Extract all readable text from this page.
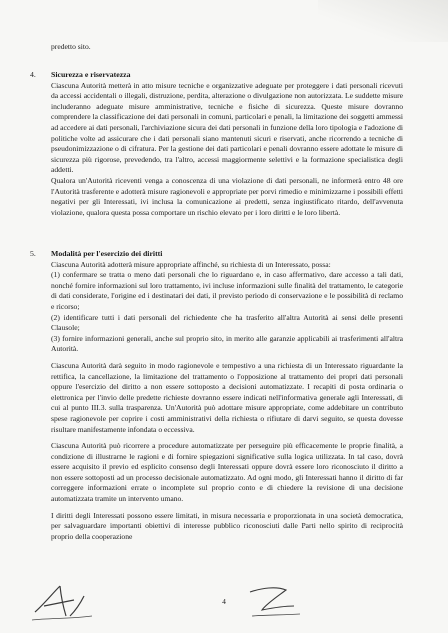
predetto sito.

4. Sicurezza e riservatezza

Ciascuna Autorità metterà in atto misure tecniche e organizzative adeguate per proteggere i dati personali ricevuti da accessi accidentali o illegali, distruzione, perdita, alterazione o divulgazione non autorizzata. Le suddette misure includeranno adeguate misure amministrative, tecniche e fisiche di sicurezza. Queste misure dovranno comprendere la classificazione dei dati personali in comuni, particolari e penali, la limitazione dei soggetti ammessi ad accedere ai dati personali, l'archiviazione sicura dei dati personali in funzione della loro tipologia e l'adozione di politiche volte ad assicurare che i dati personali siano mantenuti sicuri e riservati, anche ricorrendo a tecniche di pseudonimizzazione o di cifratura. Per la gestione dei dati particolari e penali dovranno essere adottate le misure di sicurezza più rigorose, prevedendo, tra l'altro, accessi maggiormente selettivi e la formazione specialistica degli addetti.

Qualora un'Autorità riceventi venga a conoscenza di una violazione di dati personali, ne informerà entro 48 ore l'Autorità trasferente e adotterà misure ragionevoli e appropriate per porvi rimedio e minimizzarne i possibili effetti negativi per gli Interessati, ivi inclusa la comunicazione ai predetti, senza ingiustificato ritardo, dell'avvenuta violazione, qualora questa possa comportare un rischio elevato per i loro diritti e le loro libertà.

5. Modalità per l'esercizio dei diritti

Ciascuna Autorità adotterà misure appropriate affinché, su richiesta di un Interessato, possa:

(1) confermare se tratta o meno dati personali che lo riguardano e, in caso affermativo, dare accesso a tali dati, nonché fornire informazioni sul loro trattamento, ivi incluse informazioni sulle finalità del trattamento, le categorie di dati considerate, l'origine ed i destinatari dei dati, il previsto periodo di conservazione e le possibilità di reclamo e ricorso;

(2) identificare tutti i dati personali del richiedente che ha trasferito all'altra Autorità ai sensi delle presenti Clausole;

(3) fornire informazioni generali, anche sul proprio sito, in merito alle garanzie applicabili ai trasferimenti all'altra Autorità.

Ciascuna Autorità darà seguito in modo ragionevole e tempestivo a una richiesta di un Interessato riguardante la rettifica, la cancellazione, la limitazione del trattamento o l'opposizione al trattamento dei propri dati personali oppure l'esercizio del diritto a non essere sottoposto a decisioni automatizzate. I recapiti di posta ordinaria o elettronica per l'invio delle predette richieste dovranno essere indicati nell'informativa generale agli Interessati, di cui al punto III.3. sulla trasparenza. Un'Autorità può adottare misure appropriate, come addebitare un contributo spese ragionevole per coprire i costi amministrativi della richiesta o rifiutare di darvi seguito, se questa dovesse risultare manifestamente infondata o eccessiva.

Ciascuna Autorità può ricorrere a procedure automatizzate per perseguire più efficacemente le proprie finalità, a condizione di illustrarne le ragioni e di fornire spiegazioni significative sulla logica utilizzata. In tal caso, dovrà essere acquisito il previo ed esplicito consenso degli Interessati oppure dovrà essere loro riconosciuto il diritto a non essere sottoposti ad un processo decisionale automatizzato. Ad ogni modo, gli Interessati hanno il diritto di far correggere informazioni errate o incomplete sul proprio conto e di chiedere la revisione di una decisione automatizzata tramite un intervento umano.

I diritti degli Interessati possono essere limitati, in misura necessaria e proporzionata in una società democratica, per salvaguardare importanti obiettivi di interesse pubblico riconosciuti dalle Parti nello spirito di reciprocità proprio della cooperazione

4
